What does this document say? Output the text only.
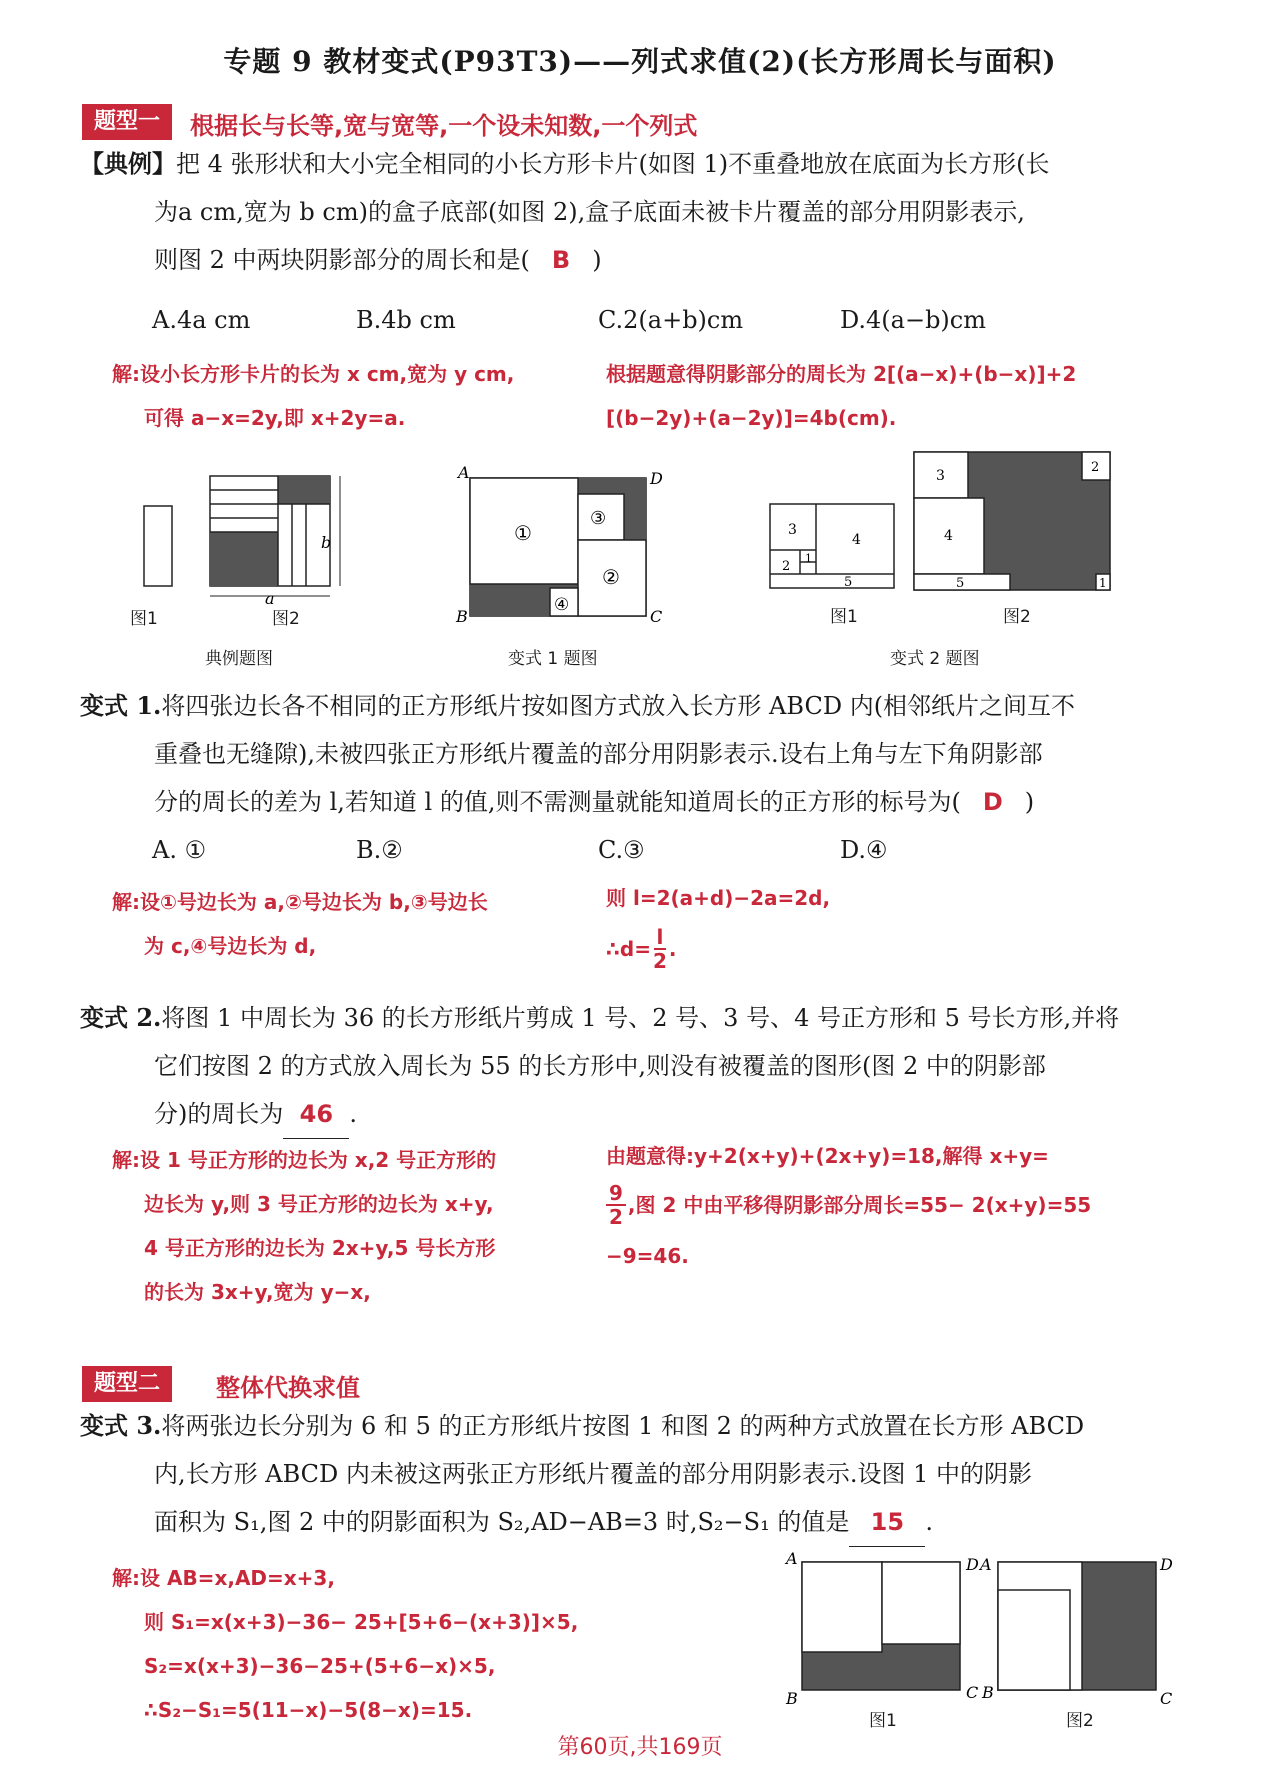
专题 9 教材变式(P93T3)——列式求值(2)(长方形周长与面积)
题型一	根据长与长等,宽与宽等,一个设未知数,一个列式
【典例】把 4 张形状和大小完全相同的小长方形卡片(如图 1)不重叠地放在底面为长方形(长
为a cm,宽为 b cm)的盒子底部(如图 2),盒子底面未被卡片覆盖的部分用阴影表示,
则图 2 中两块阴影部分的周长和是( B )
A.4a cm	B.4b cm	C.2(a+b)cm	D.4(a−b)cm
解:设小长方形卡片的长为 x cm,宽为 y cm,
可得 a−x=2y,即 x+2y=a.
根据题意得阴影部分的周长为 2[(a−x)+(b−x)]+2
[(b−2y)+(a−2y)]=4b(cm).
b
a
图1	图2
典例题图
①
③
②
④
A	D
B	C
变式 1 题图
3
4
2
1
5
3
4
5
2
1
图1	图2
变式 2 题图
变式 1.将四张边长各不相同的正方形纸片按如图方式放入长方形 ABCD 内(相邻纸片之间互不
重叠也无缝隙),未被四张正方形纸片覆盖的部分用阴影表示.设右上角与左下角阴影部
分的周长的差为 l,若知道 l 的值,则不需测量就能知道周长的正方形的标号为( D )
A. ①	B.②	C.③	D.④
解:设①号边长为 a,②号边长为 b,③号边长
为 c,④号边长为 d,
则 l=2(a+d)−2a=2d,
∴d= $\frac{l}{2}$ .
变式 2.将图 1 中周长为 36 的长方形纸片剪成 1 号、2 号、3 号、4 号正方形和 5 号长方形,并将
它们按图 2 的方式放入周长为 55 的长方形中,则没有被覆盖的图形(图 2 中的阴影部
分)的周长为 46 .
解:设 1 号正方形的边长为 x,2 号正方形的
边长为 y,则 3 号正方形的边长为 x+y,
4 号正方形的边长为 2x+y,5 号长方形
的长为 3x+y,宽为 y−x,
由题意得:y+2(x+y)+(2x+y)=18,解得 x+y=
$\frac{9}{2}$ ,图 2 中由平移得阴影部分周长=55− 2(x+y)=55
−9=46.
题型二	整体代换求值
变式 3.将两张边长分别为 6 和 5 的正方形纸片按图 1 和图 2 的两种方式放置在长方形 ABCD
内,长方形 ABCD 内未被这两张正方形纸片覆盖的部分用阴影表示.设图 1 中的阴影
面积为 S₁,图 2 中的阴影面积为 S₂,AD−AB=3 时,S₂−S₁ 的值是 15 .
解:设 AB=x,AD=x+3,
则 S₁=x(x+3)−36− 25+[5+6−(x+3)]×5,
S₂=x(x+3)−36−25+(5+6−x)×5,
∴S₂−S₁=5(11−x)−5(8−x)=15.
A	D
B	C
A	D
B	C
图1	图2
第60页,共169页
